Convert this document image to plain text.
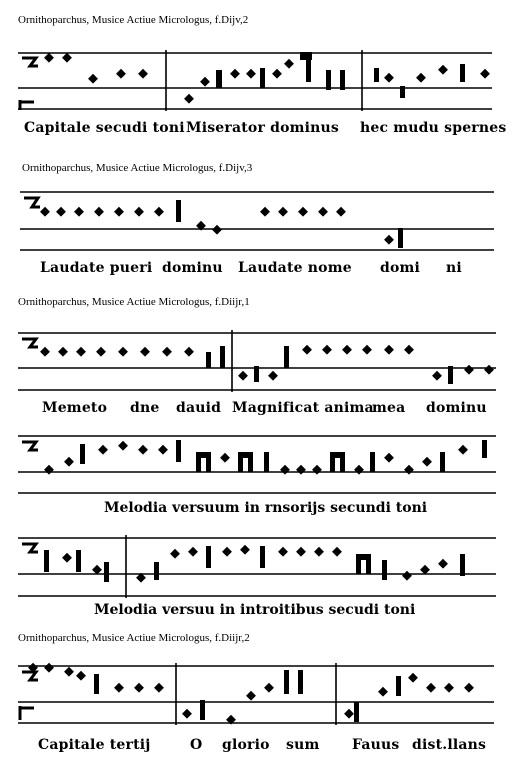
Ornithoparchus, Musice Actiue Micrologus, f.Dijv,2
Ornithoparchus, Musice Actiue Micrologus, f.Dijv,3
Ornithoparchus, Musice Actiue Micrologus, f.Diijr,1
Ornithoparchus, Musice Actiue Micrologus, f.Diijr,2
Capitale secudi toni Miserator dominus hec mudu spernes
Laudate pueri dominu Laudate nome domi ni
Memeto dne dauid Magnificat anima
mea dominu
Melodia versuum in rnsorijs secundi toni
Melodia versuu in introitibus secudi toni
Capitale tertij	O glorio sum Fauus dist.llans
